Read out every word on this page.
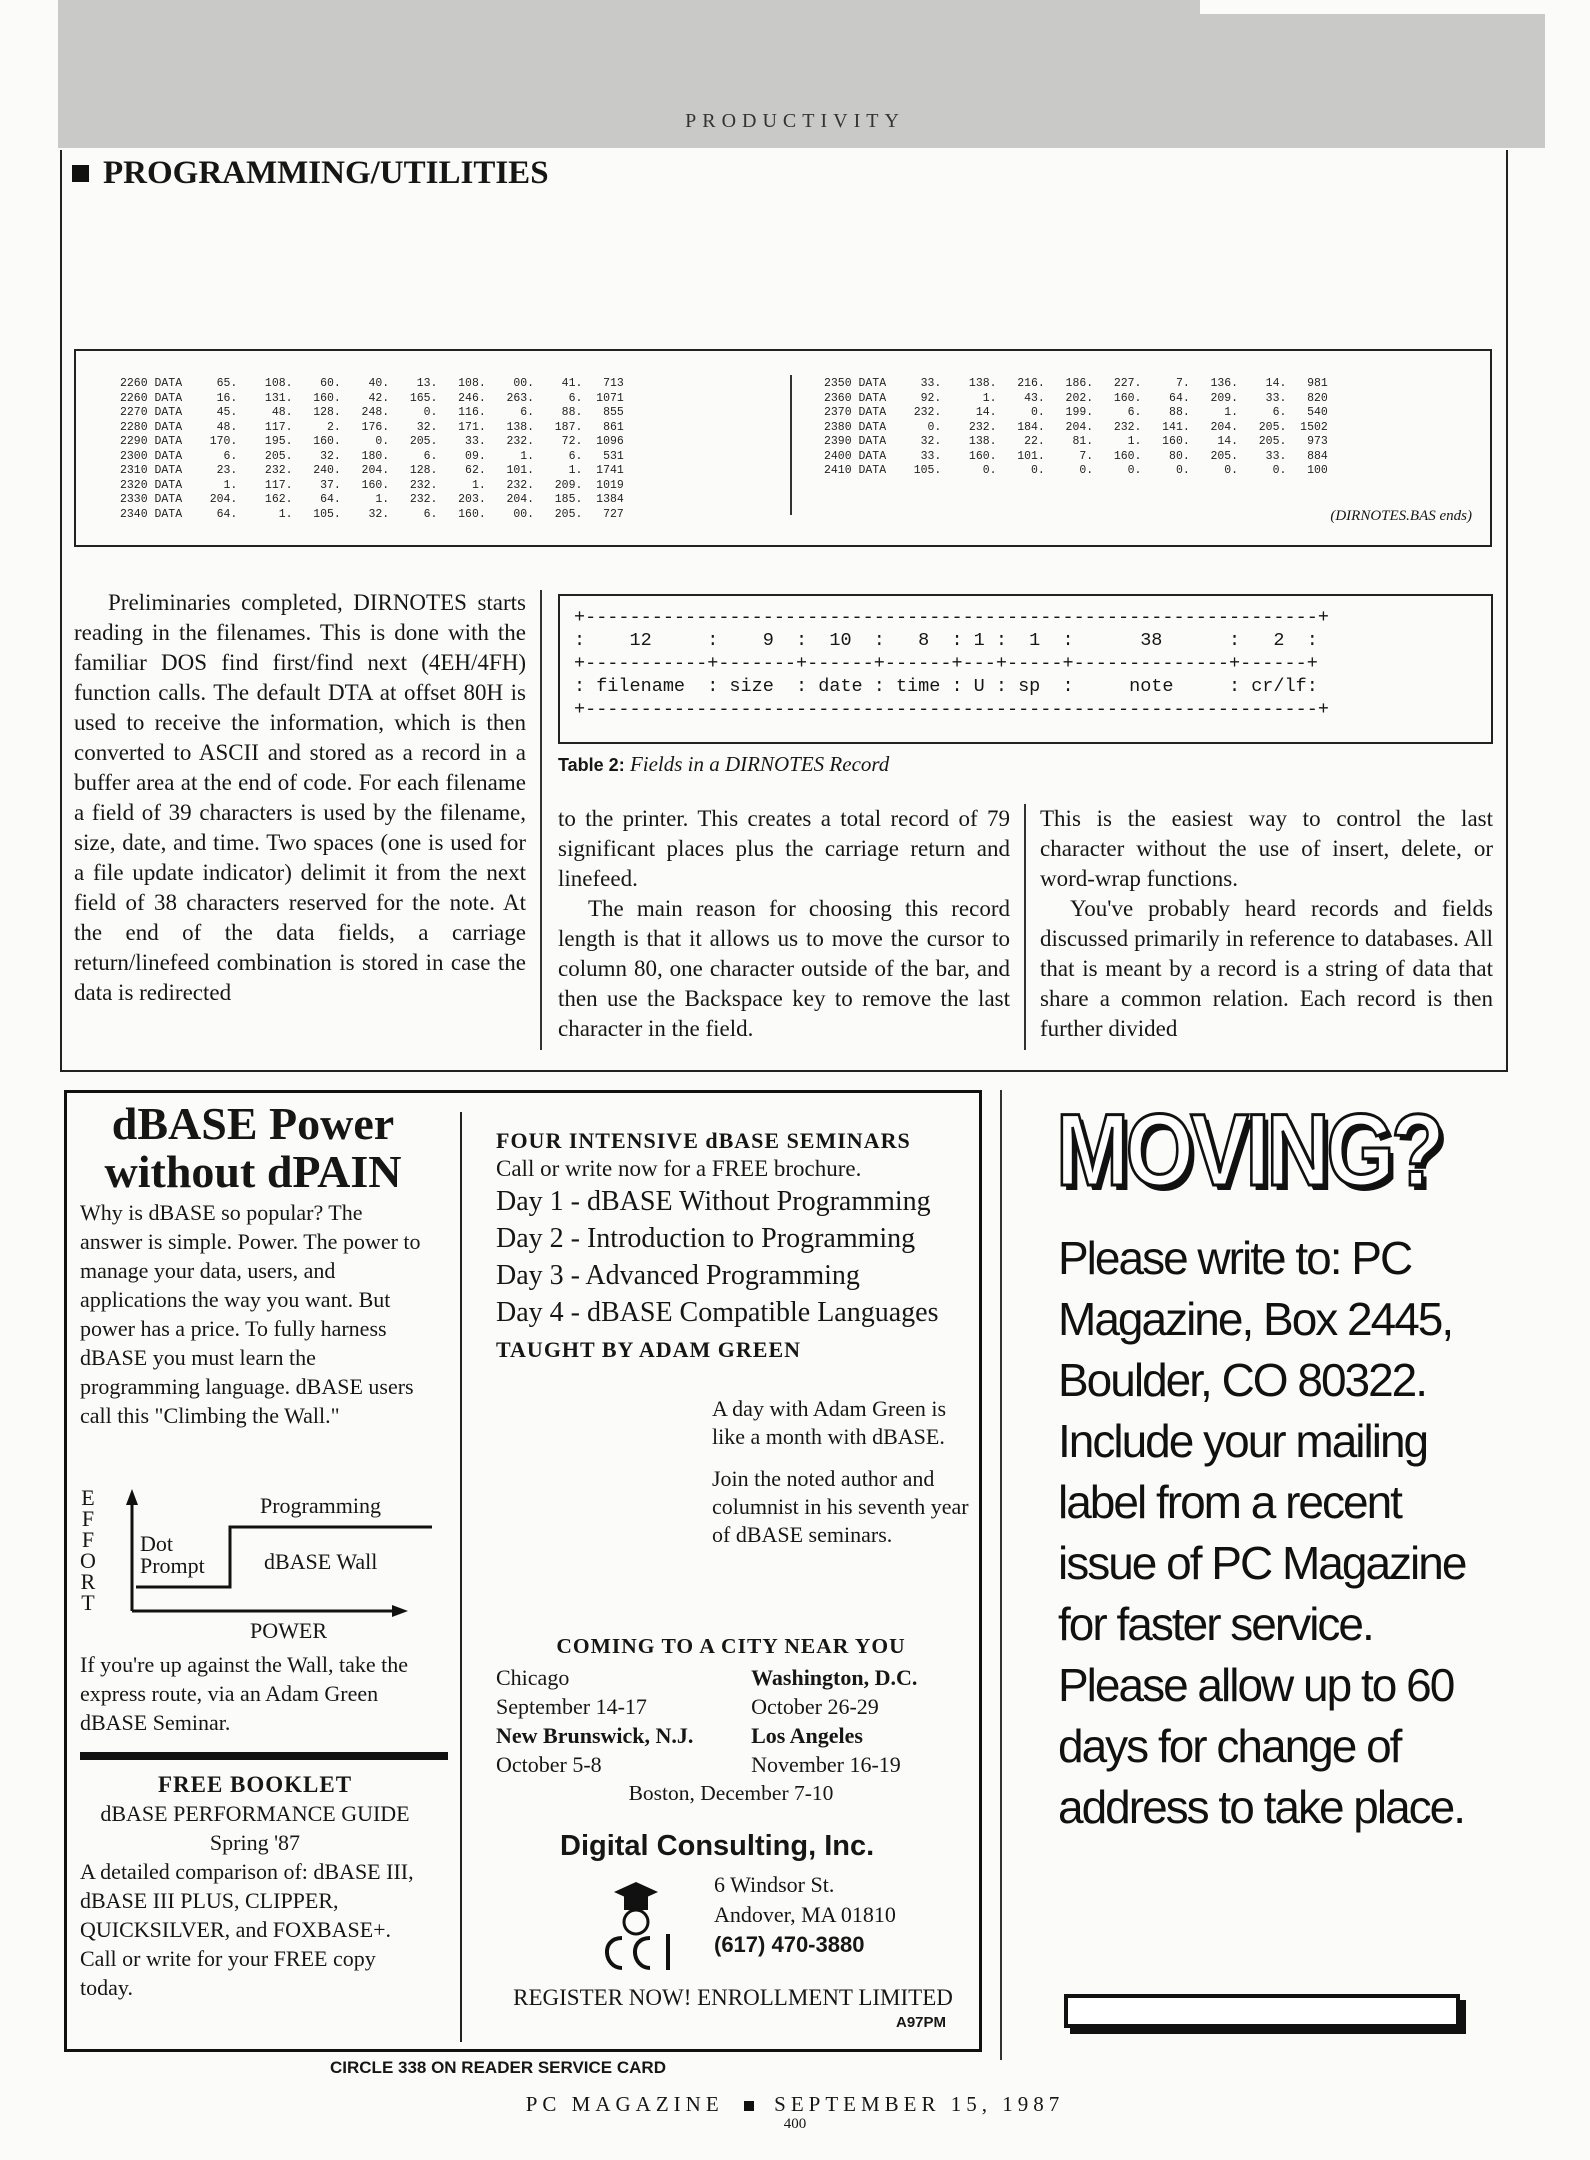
PRODUCTIVITY
PROGRAMMING/UTILITIES
2260 DATA     65.    108.    60.    40.    13.   108.    00.    41.   713
2260 DATA     16.    131.   160.    42.   165.   246.   263.     6.  1071
2270 DATA     45.     48.   128.   248.     0.   116.     6.    88.   855
2280 DATA     48.    117.     2.   176.    32.   171.   138.   187.   861
2290 DATA    170.    195.   160.     0.   205.    33.   232.    72.  1096
2300 DATA      6.    205.    32.   180.     6.    09.     1.     6.   531
2310 DATA     23.    232.   240.   204.   128.    62.   101.     1.  1741
2320 DATA      1.    117.    37.   160.   232.     1.   232.   209.  1019
2330 DATA    204.    162.    64.     1.   232.   203.   204.   185.  1384
2340 DATA     64.      1.   105.    32.     6.   160.    00.   205.   727
2350 DATA     33.    138.   216.   186.   227.     7.   136.    14.   981
2360 DATA     92.      1.    43.   202.   160.    64.   209.    33.   820
2370 DATA    232.     14.     0.   199.     6.    88.     1.     6.   540
2380 DATA      0.    232.   184.   204.   232.   141.   204.   205.  1502
2390 DATA     32.    138.    22.    81.     1.   160.    14.   205.   973
2400 DATA     33.    160.   101.     7.   160.    80.   205.    33.   884
2410 DATA    105.      0.     0.     0.     0.     0.     0.     0.   100
(DIRNOTES.BAS ends)
Preliminaries completed, DIRNOTES starts reading in the filenames. This is done with the familiar DOS find first/find next (4EH/4FH) function calls. The default DTA at offset 80H is used to receive the information, which is then converted to ASCII and stored as a record in a buffer area at the end of code. For each filename a field of 39 characters is used by the filename, size, date, and time. Two spaces (one is used for a file update indicator) delimit it from the next field of 38 characters reserved for the note. At the end of the data fields, a carriage return/linefeed combination is stored in case the data is redirected
+------------------------------------------------------------------+
:    12     :    9  :  10  :   8  : 1 :  1  :      38      :   2  :
+-----------+-------+------+------+---+-----+--------------+------+
: filename  : size  : date : time : U : sp  :     note     : cr/lf:
+------------------------------------------------------------------+
Table 2: Fields in a DIRNOTES Record
to the printer. This creates a total record of 79 significant places plus the carriage return and linefeed.
The main reason for choosing this record length is that it allows us to move the cursor to column 80, one character outside of the bar, and then use the Backspace key to remove the last character in the field.
This is the easiest way to control the last character without the use of insert, delete, or word-wrap functions.
You've probably heard records and fields discussed primarily in reference to databases. All that is meant by a record is a string of data that share a common relation. Each record is then further divided
dBASE Power without dPAIN
Why is dBASE so popular? The answer is simple. Power. The power to manage your data, users, and applications the way you want. But power has a price. To fully harness dBASE you must learn the programming language. dBASE users call this "Climbing the Wall."
E
F
F
O
R
T
Programming
Dot
Prompt	dBASE Wall
POWER
If you're up against the Wall, take the express route, via an Adam Green dBASE Seminar.
FREE BOOKLET
dBASE PERFORMANCE GUIDE
Spring '87
A detailed comparison of: dBASE III, dBASE III PLUS, CLIPPER, QUICKSILVER, and FOXBASE+. Call or write for your FREE copy today.
FOUR INTENSIVE dBASE SEMINARS
Call or write now for a FREE brochure.
Day 1 - dBASE Without Programming
Day 2 - Introduction to Programming
Day 3 - Advanced Programming
Day 4 - dBASE Compatible Languages
TAUGHT BY ADAM GREEN
A day with Adam Green is like a month with dBASE.
Join the noted author and columnist in his seventh year of dBASE seminars.
COMING TO A CITY NEAR YOU
Chicago	Washington, D.C.
September 14-17	October 26-29
New Brunswick, N.J.	Los Angeles
October 5-8	November 16-19
Boston, December 7-10
Digital Consulting, Inc.
6 Windsor St.
Andover, MA 01810
(617) 470-3880
REGISTER NOW! ENROLLMENT LIMITED
A97PM
CIRCLE 338 ON READER SERVICE CARD
MOVING?
Please write to: PC Magazine, Box 2445, Boulder, CO 80322. Include your mailing label from a recent issue of PC Magazine for faster service. Please allow up to 60 days for change of address to take place.
PC MAGAZINE SEPTEMBER 15, 1987
400
